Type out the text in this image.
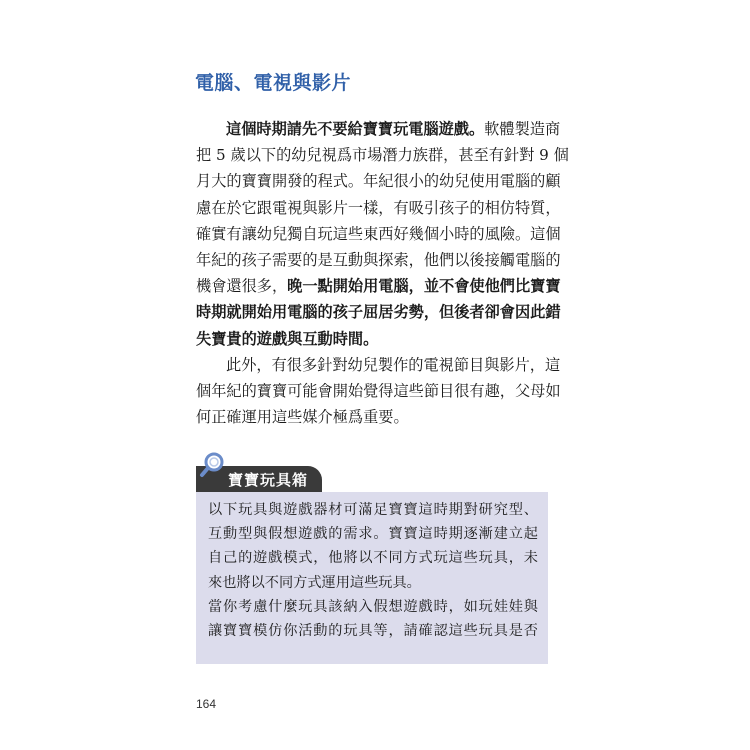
電腦、電視與影片
這個時期請先不要給寶寶玩電腦遊戲。軟體製造商
把 5 歲以下的幼兒視爲市場潛力族群，甚至有針對 9 個
月大的寶寶開發的程式。年紀很小的幼兒使用電腦的顧
慮在於它跟電視與影片一樣，有吸引孩子的相仿特質，
確實有讓幼兒獨自玩這些東西好幾個小時的風險。這個
年紀的孩子需要的是互動與探索，他們以後接觸電腦的
機會還很多，晚一點開始用電腦，並不會使他們比寶寶
時期就開始用電腦的孩子屈居劣勢，但後者卻會因此錯
失寶貴的遊戲與互動時間。
此外，有很多針對幼兒製作的電視節目與影片，這
個年紀的寶寶可能會開始覺得這些節目很有趣，父母如
何正確運用這些媒介極爲重要。
寶寶玩具箱
以下玩具與遊戲器材可滿足寶寶這時期對研究型、
互動型與假想遊戲的需求。寶寶這時期逐漸建立起
自己的遊戲模式，他將以不同方式玩這些玩具，未
來也將以不同方式運用這些玩具。
當你考慮什麼玩具該納入假想遊戲時，如玩娃娃與
讓寶寶模仿你活動的玩具等，請確認這些玩具是否
164
